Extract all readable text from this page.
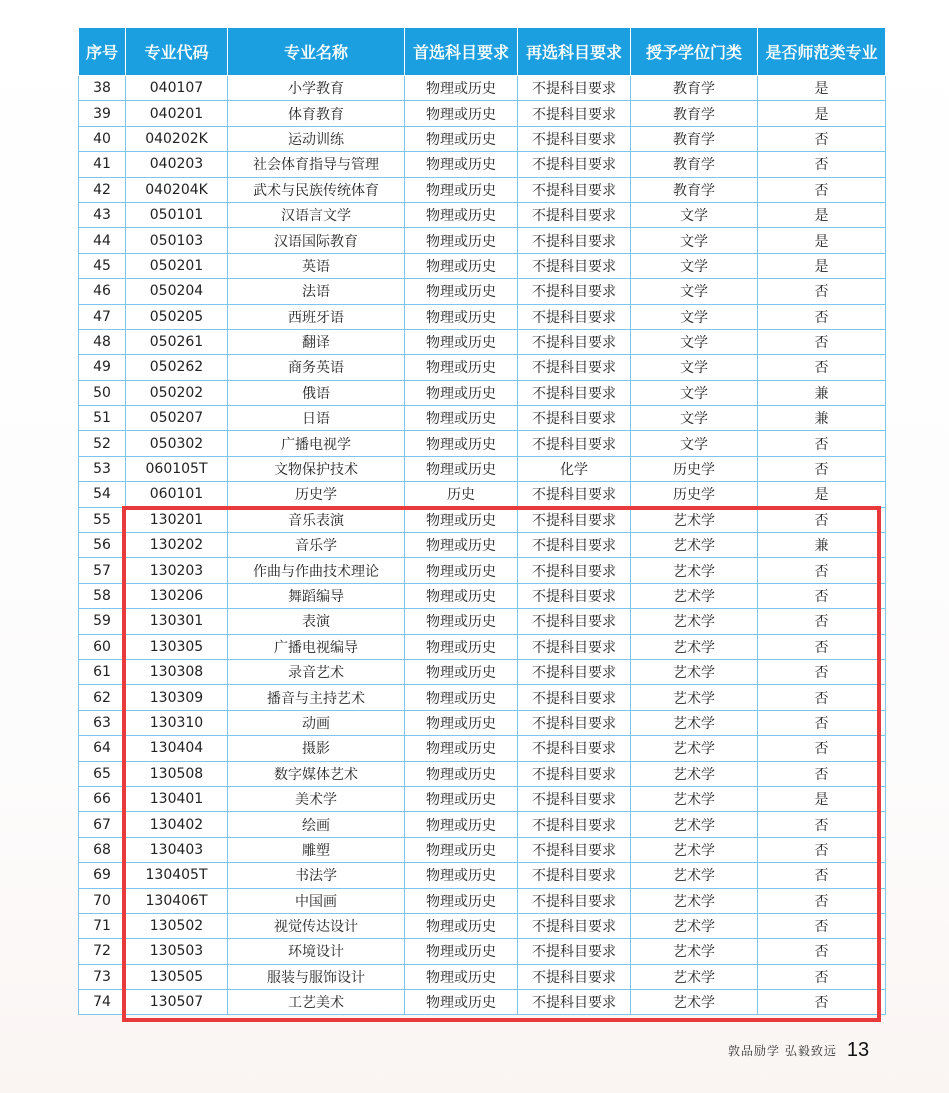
序号	专业代码	专业名称	首选科目要求	再选科目要求	授予学位门类	是否师范类专业
38	040107	小学教育	物理或历史	不提科目要求	教育学	是
39	040201	体育教育	物理或历史	不提科目要求	教育学	是
40	040202K	运动训练	物理或历史	不提科目要求	教育学	否
41	040203	社会体育指导与管理	物理或历史	不提科目要求	教育学	否
42	040204K	武术与民族传统体育	物理或历史	不提科目要求	教育学	否
43	050101	汉语言文学	物理或历史	不提科目要求	文学	是
44	050103	汉语国际教育	物理或历史	不提科目要求	文学	是
45	050201	英语	物理或历史	不提科目要求	文学	是
46	050204	法语	物理或历史	不提科目要求	文学	否
47	050205	西班牙语	物理或历史	不提科目要求	文学	否
48	050261	翻译	物理或历史	不提科目要求	文学	否
49	050262	商务英语	物理或历史	不提科目要求	文学	否
50	050202	俄语	物理或历史	不提科目要求	文学	兼
51	050207	日语	物理或历史	不提科目要求	文学	兼
52	050302	广播电视学	物理或历史	不提科目要求	文学	否
53	060105T	文物保护技术	物理或历史	化学	历史学	否
54	060101	历史学	历史	不提科目要求	历史学	是
55	130201	音乐表演	物理或历史	不提科目要求	艺术学	否
56	130202	音乐学	物理或历史	不提科目要求	艺术学	兼
57	130203	作曲与作曲技术理论	物理或历史	不提科目要求	艺术学	否
58	130206	舞蹈编导	物理或历史	不提科目要求	艺术学	否
59	130301	表演	物理或历史	不提科目要求	艺术学	否
60	130305	广播电视编导	物理或历史	不提科目要求	艺术学	否
61	130308	录音艺术	物理或历史	不提科目要求	艺术学	否
62	130309	播音与主持艺术	物理或历史	不提科目要求	艺术学	否
63	130310	动画	物理或历史	不提科目要求	艺术学	否
64	130404	摄影	物理或历史	不提科目要求	艺术学	否
65	130508	数字媒体艺术	物理或历史	不提科目要求	艺术学	否
66	130401	美术学	物理或历史	不提科目要求	艺术学	是
67	130402	绘画	物理或历史	不提科目要求	艺术学	否
68	130403	雕塑	物理或历史	不提科目要求	艺术学	否
69	130405T	书法学	物理或历史	不提科目要求	艺术学	否
70	130406T	中国画	物理或历史	不提科目要求	艺术学	否
71	130502	视觉传达设计	物理或历史	不提科目要求	艺术学	否
72	130503	环境设计	物理或历史	不提科目要求	艺术学	否
73	130505	服装与服饰设计	物理或历史	不提科目要求	艺术学	否
74	130507	工艺美术	物理或历史	不提科目要求	艺术学	否
敦品励学 弘毅致远 13
